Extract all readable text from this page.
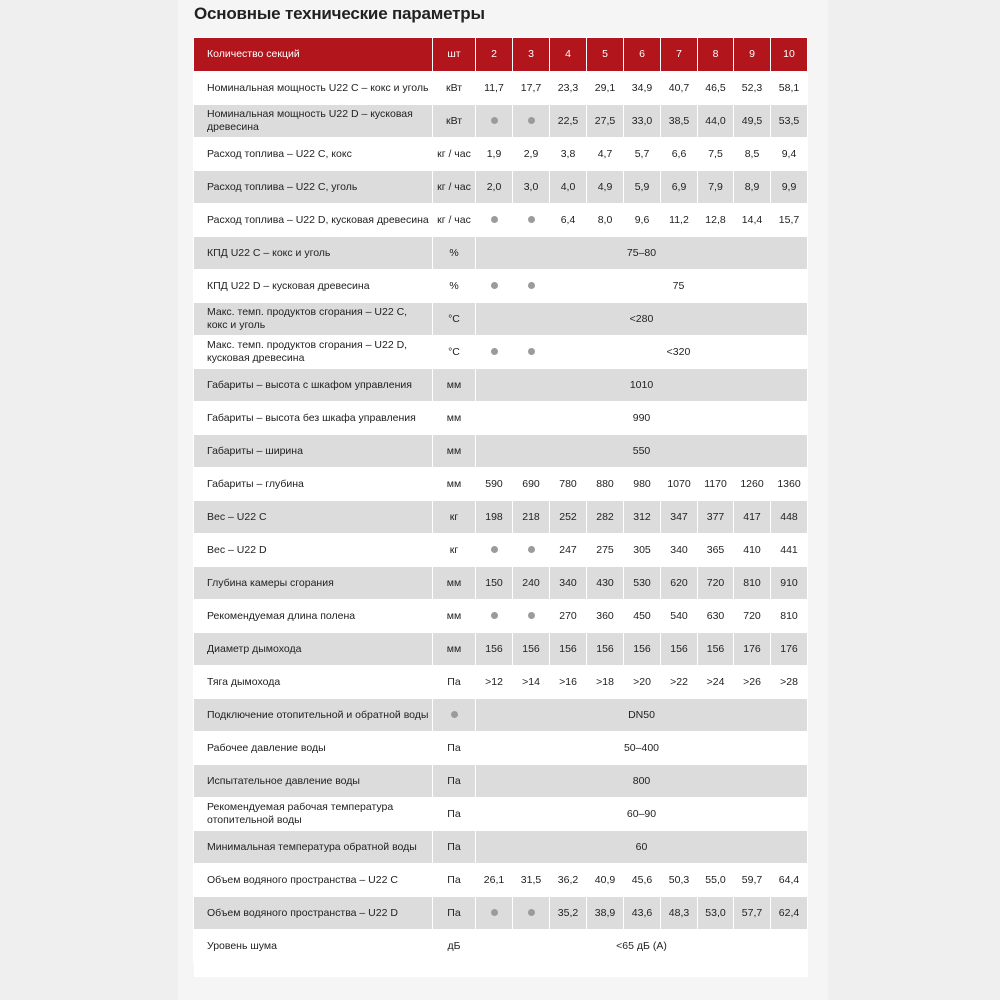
Основные технические параметры
Количество секций	шт	2	3	4	5	6	7	8	9	10
Номинальная мощность U22 C – кокс и уголь	кВт	11,7	17,7	23,3	29,1	34,9	40,7	46,5	52,3	58,1
Номинальная мощность U22 D – кусковая древесина	кВт			22,5	27,5	33,0	38,5	44,0	49,5	53,5
Расход топлива – U22 C, кокс	кг / час	1,9	2,9	3,8	4,7	5,7	6,6	7,5	8,5	9,4
Расход топлива – U22 C, уголь	кг / час	2,0	3,0	4,0	4,9	5,9	6,9	7,9	8,9	9,9
Расход топлива – U22 D, кусковая древесина	кг / час			6,4	8,0	9,6	11,2	12,8	14,4	15,7
КПД U22 C – кокс и уголь	%	75–80								
КПД U22 D – кусковая древесина	%			75						
Макс. темп. продуктов сгорания – U22 C, кокс и уголь	°C	<280								
Макс. темп. продуктов сгорания – U22 D, кусковая древесина	°C			<320						
Габариты – высота с шкафом управления	мм	1010								
Габариты – высота без шкафа управления	мм	990								
Габариты – ширина	мм	550								
Габариты – глубина	мм	590	690	780	880	980	1070	1170	1260	1360
Вес – U22 C	кг	198	218	252	282	312	347	377	417	448
Вес – U22 D	кг			247	275	305	340	365	410	441
Глубина камеры сгорания	мм	150	240	340	430	530	620	720	810	910
Рекомендуемая длина полена	мм			270	360	450	540	630	720	810
Диаметр дымохода	мм	156	156	156	156	156	156	156	176	176
Тяга дымохода	Па	>12	>14	>16	>18	>20	>22	>24	>26	>28
Подключение отопительной и обратной воды		DN50								
Рабочее давление воды	Па	50–400								
Испытательное давление воды	Па	800								
Рекомендуемая рабочая температура отопительной воды	Па	60–90								
Минимальная температура обратной воды	Па	60								
Объем водяного пространства – U22 C	Па	26,1	31,5	36,2	40,9	45,6	50,3	55,0	59,7	64,4
Объем водяного пространства – U22 D	Па			35,2	38,9	43,6	48,3	53,0	57,7	62,4
Уровень шума	дБ	<65 дБ (А)								
